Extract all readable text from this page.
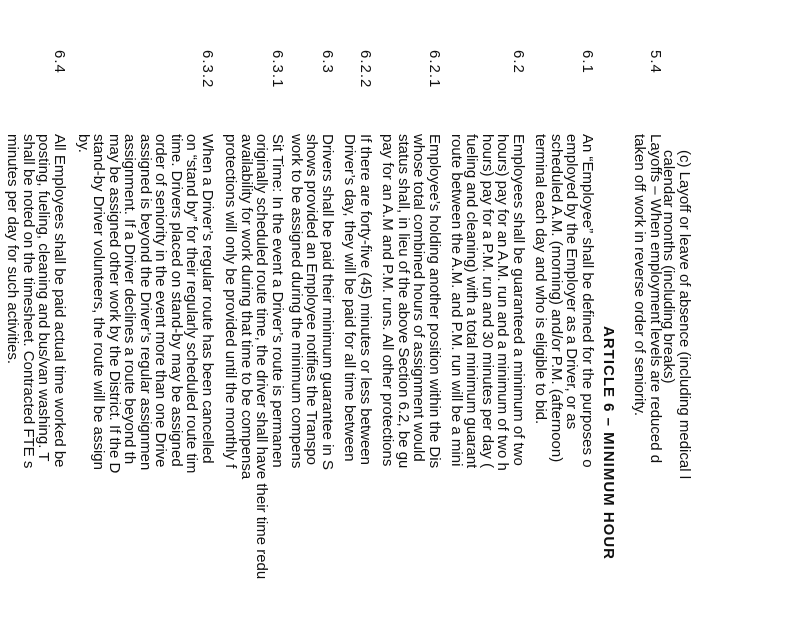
(c) Layoff or leave of absence (including medical l
calendar months (including breaks)
5.4
Layoffs – When employment levels are reduced d
taken off work in reverse order of seniority.
ARTICLE 6 – MINIMUM HOUR
6.1
An “Employee” shall be defined for the purposes o
employed by the Employer as a Driver, or as
scheduled A.M. (morning) and/or P.M. (afternoon)
terminal each day and who is eligible to bid.
6.2
Employees shall be guaranteed a minimum of two
hours) pay for an A.M. run and a minimum of two h
hours) pay for a P.M. run and 30 minutes per day (
fueling and cleaning) with a total minimum guarant
route between the A.M. and P.M. run will be a mini
6.2.1
Employee’s holding another position within the Dis
whose total combined hours of assignment would
status shall, in lieu of the above Section 6.2, be gu
pay for an A.M and P.M. runs. All other protections
6.2.2
If there are forty-five (45) minutes or less between
Driver’s day, they will be paid for all time between
6.3
Drivers shall be paid their minimum guarantee in S
shows provided an Employee notifies the Transpo
work to be assigned during the minimum compens
6.3.1
Sit Time: In the event a Driver’s route is permanen
originally scheduled route time, the driver shall have their time redu
availability for work during that time to be compensa
protections will only be provided until the monthly f
6.3.2
When a Driver’s regular route has been cancelled
on “stand by” for their regularly scheduled route tim
time. Drivers placed on stand-by may be assigned
order of seniority in the event more than one Drive
assigned is beyond the Driver’s regular assignmen
assignment. If a Driver declines a route beyond th
may be assigned other work by the District. If the D
stand-by Driver volunteers, the route will be assign
by.
6.4
All Employees shall be paid actual time worked be
posting, fueling, cleaning and bus/van washing. T
shall be noted on the timesheet. Contracted FTE s
minutes per day for such activities.
